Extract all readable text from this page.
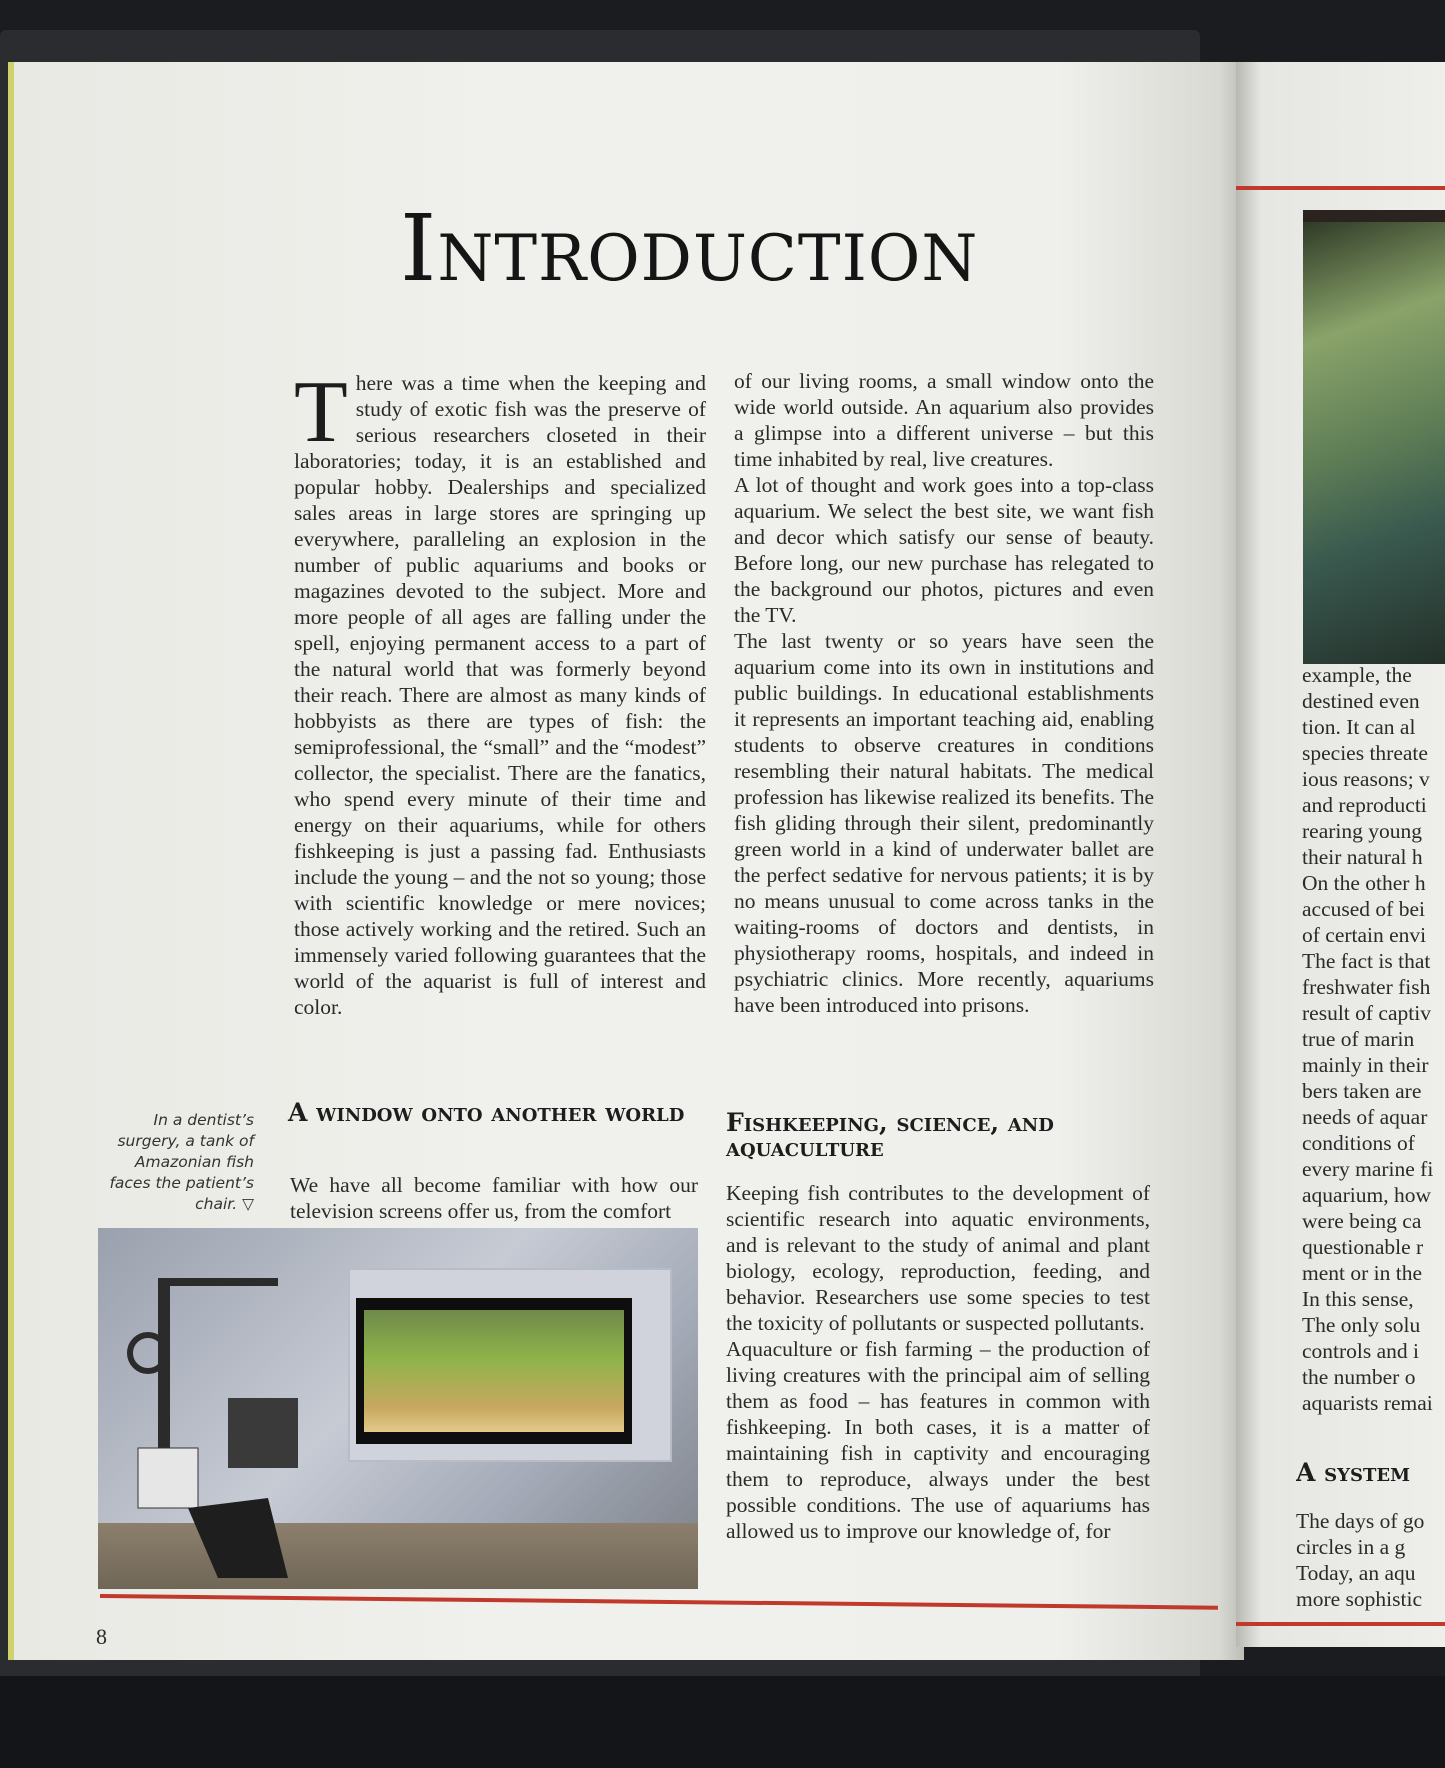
Introduction
T here was a time when the keeping and study of exotic fish was the preserve of serious researchers closeted in their laboratories; today, it is an established and popular hobby. Dealerships and specialized sales areas in large stores are springing up everywhere, paralleling an explosion in the number of public aquariums and books or magazines devoted to the subject. More and more people of all ages are falling under the spell, enjoying permanent access to a part of the natural world that was formerly beyond their reach. There are almost as many kinds of hobbyists as there are types of fish: the semiprofessional, the “small” and the “modest” collector, the specialist. There are the fanatics, who spend every minute of their time and energy on their aquariums, while for others fishkeeping is just a passing fad. Enthusiasts include the young – and the not so young; those with scientific knowledge or mere novices; those actively working and the retired. Such an immensely varied following guarantees that the world of the aquarist is full of interest and color.

of our living rooms, a small window onto the wide world outside. An aquarium also provides a glimpse into a different universe – but this time inhabited by real, live creatures.

A lot of thought and work goes into a top-class aquarium. We select the best site, we want fish and decor which satisfy our sense of beauty. Before long, our new purchase has relegated to the background our photos, pictures and even the TV.

The last twenty or so years have seen the aquarium come into its own in institutions and public buildings. In educational establishments it represents an important teaching aid, enabling students to observe creatures in conditions resembling their natural habitats. The medical profession has likewise realized its benefits. The fish gliding through their silent, predominantly green world in a kind of underwater ballet are the perfect sedative for nervous patients; it is by no means unusual to come across tanks in the waiting-rooms of doctors and dentists, in physiotherapy rooms, hospitals, and indeed in psychiatric clinics. More recently, aquariums have been introduced into prisons.

In a dentist’s surgery, a tank of Amazonian fish faces the patient’s chair. ▽
A window onto another world

We have all become familiar with how our television screens offer us, from the comfort

Fishkeeping, science, and aquaculture

Keeping fish contributes to the development of scientific research into aquatic environments, and is relevant to the study of animal and plant biology, ecology, reproduction, feeding, and behavior. Researchers use some species to test the toxicity of pollutants or suspected pollutants.

Aquaculture or fish farming – the production of living creatures with the principal aim of selling them as food – has features in common with fishkeeping. In both cases, it is a matter of maintaining fish in captivity and encouraging them to reproduce, always under the best possible conditions. The use of aquariums has allowed us to improve our knowledge of, for

example, the
destined even
tion. It can al
species threate
ious reasons; v
and reproducti
rearing young
their natural h
On the other h
accused of bei
of certain envi
The fact is that
freshwater fish
result of captiv
true of marin
mainly in their
bers taken are
needs of aquar
conditions of
every marine fi
aquarium, how
were being ca
questionable r
ment or in the
In this sense,
The only solu
controls and i
the number o
aquarists remai
A system
The days of go
circles in a g
Today, an aqu
more sophistic
8
